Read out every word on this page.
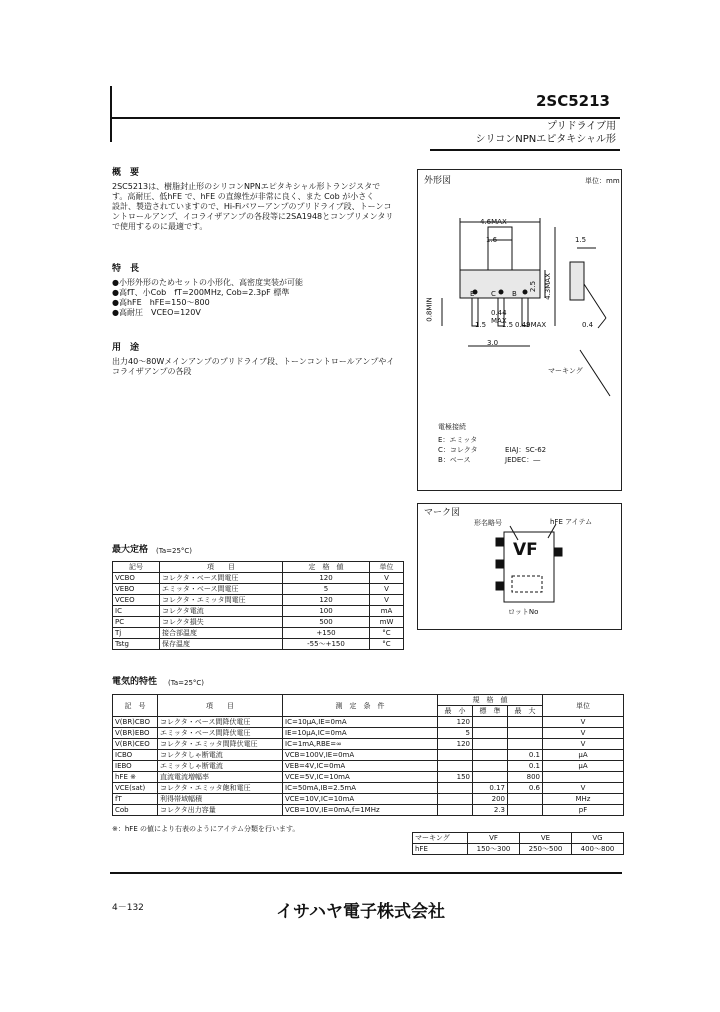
2SC5213
プリドライブ用
シリコンNPNエピタキシャル形
概　要
2SC5213は、樹脂封止形のシリコンNPNエピタキシャル形トランジスタで
す。高耐圧、低hFE で、hFE の直線性が非常に良く、また Cob が小さく
設計、製造されていますので、Hi-Fiパワーアンプのプリドライブ段、トーンコ
ントロールアンプ、イコライザアンプの各段等に2SA1948とコンプリメンタリ
で使用するのに最適です。
特　長
●小形外形のためセットの小形化、高密度実装が可能
●高fT、小Cob　fT=200MHz, Cob=2.3pF 標準
●高hFE　hFE=150～800
●高耐圧　VCEO=120V
用　途
出力40～80Wメインアンプのプリドライブ段、トーンコントロールアンプやイ
コライザアンプの各段
外形図	単位：mm
4.6MAX
1.6	1.5
2.5 4.3MAX
0.8MIN
E C B
0.44
MAX
1.5 1.5 0.49MAX
3.0
0.4
マーキング
電極接続
E：エミッタ
C：コレクタ
B：ベース
EIAJ：SC-62
JEDEC：―
マーク図
形名略号	hFE アイテム
VF
ロットNo
最大定格 (Ta=25°C)
記号	項　　目	定　格　値	単位
VCBO	コレクタ・ベース間電圧	120	V
VEBO	エミッタ・ベース間電圧	5	V
VCEO	コレクタ・エミッタ間電圧	120	V
IC	コレクタ電流	100	mA
PC	コレクタ損失	500	mW
Tj	接合部温度	+150	°C
Tstg	保存温度	-55～+150	°C
電気的特性 (Ta=25°C)
記　号	項　　目	測　定　条　件	規　格　値			単位
			最　小	標　準	最　大	
V(BR)CBO	コレクタ・ベース間降伏電圧	IC=10μA,IE=0mA	120			V
V(BR)EBO	エミッタ・ベース間降伏電圧	IE=10μA,IC=0mA	5			V
V(BR)CEO	コレクタ・エミッタ間降伏電圧	IC=1mA,RBE=∞	120			V
ICBO	コレクタしゃ断電流	VCB=100V,IE=0mA			0.1	μA
IEBO	エミッタしゃ断電流	VEB=4V,IC=0mA			0.1	μA
hFE ※	直流電流増幅率	VCE=5V,IC=10mA	150		800	
VCE(sat)	コレクタ・エミッタ飽和電圧	IC=50mA,IB=2.5mA		0.17	0.6	V
fT	利得帯域幅積	VCE=10V,IC=10mA		200		MHz
Cob	コレクタ出力容量	VCB=10V,IE=0mA,f=1MHz		2.3		pF
※：hFE の値により右表のようにアイテム分類を行います。
マーキング	VF	VE	VG
hFE	150～300	250～500	400～800
4－132	イサハヤ電子株式会社
